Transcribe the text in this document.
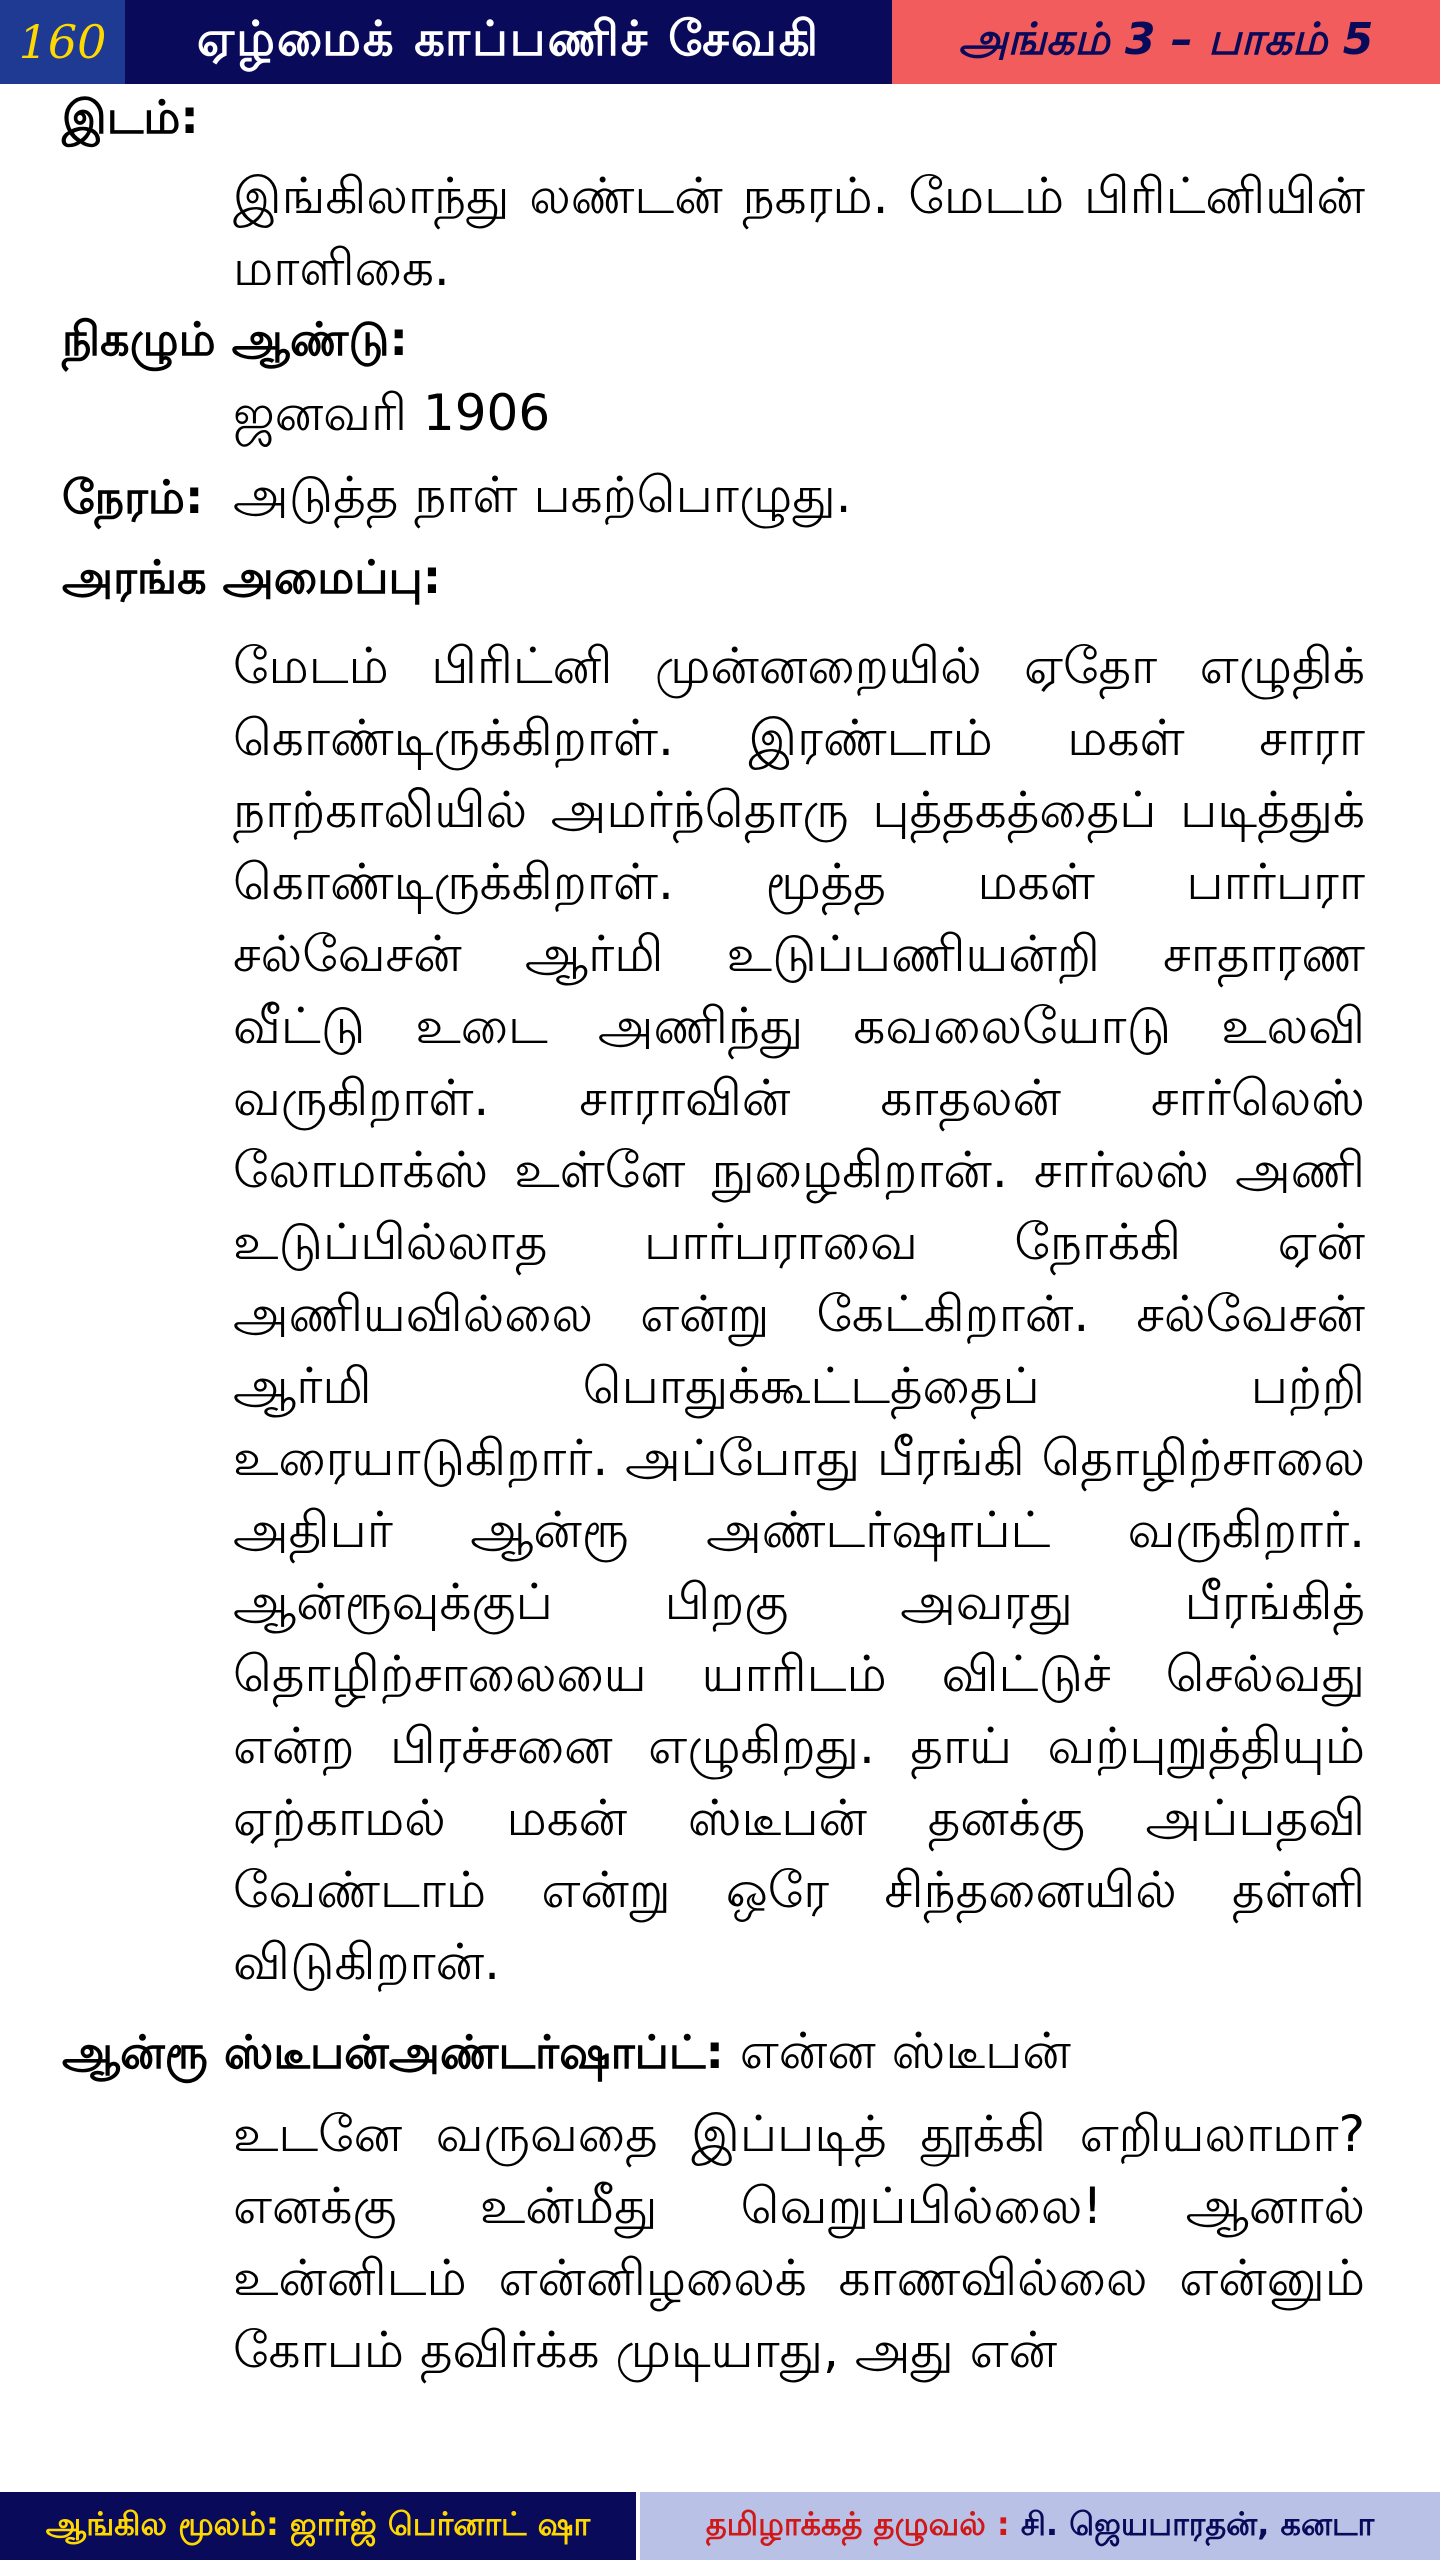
160	ஏழ்மைக் காப்பணிச் சேவகி	அங்கம் 3 – பாகம் 5
இடம்:
இங்கிலாந்து லண்டன் நகரம். மேடம் பிரிட்னியின் மாளிகை.
நிகழும் ஆண்டு:
ஜனவரி 1906
நேரம்: அடுத்த நாள் பகற்பொழுது.
அரங்க அமைப்பு:
மேடம் பிரிட்னி முன்னறையில் ஏதோ எழுதிக் கொண்டிருக்கிறாள். இரண்டாம் மகள் சாரா நாற்காலியில் அமர்ந்தொரு புத்தகத்தைப் படித்துக் கொண்டிருக்கிறாள். மூத்த மகள் பார்பரா சல்வேசன் ஆர்மி உடுப்பணியன்றி சாதாரண வீட்டு உடை அணிந்து கவலையோடு உலவி வருகிறாள். சாராவின் காதலன் சார்லெஸ் லோமாக்ஸ் உள்ளே நுழைகிறான். சார்லஸ் அணி உடுப்பில்லாத பார்பராவை நோக்கி ஏன் அணியவில்லை என்று கேட்கிறான். சல்வேசன் ஆர்மி பொதுக்கூட்டத்தைப் பற்றி உரையாடுகிறார். அப்போது பீரங்கி தொழிற்சாலை அதிபர் ஆன்ரூ அண்டர்ஷாப்ட் வருகிறார். ஆன்ரூவுக்குப் பிறகு அவரது பீரங்கித் தொழிற்சாலையை யாரிடம் விட்டுச் செல்வது என்ற பிரச்சனை எழுகிறது. தாய் வற்புறுத்தியும் ஏற்காமல் மகன் ஸ்டீபன் தனக்கு அப்பதவி வேண்டாம் என்று ஒரே சிந்தனையில் தள்ளி விடுகிறான்.
ஆன்ரூ ஸ்டீபன்அண்டர்ஷாப்ட்: என்ன ஸ்டீபன்
உடனே வருவதை இப்படித் தூக்கி எறியலாமா? எனக்கு உன்மீது வெறுப்பில்லை! ஆனால் உன்னிடம் என்னிழலைக் காணவில்லை என்னும் கோபம் தவிர்க்க முடியாது, அது என்
ஆங்கில மூலம்:
ஜார்ஜ் பெர்னாட் ஷா	தமிழாக்கத் தழுவல் :
சி. ஜெயபாரதன், கனடா
